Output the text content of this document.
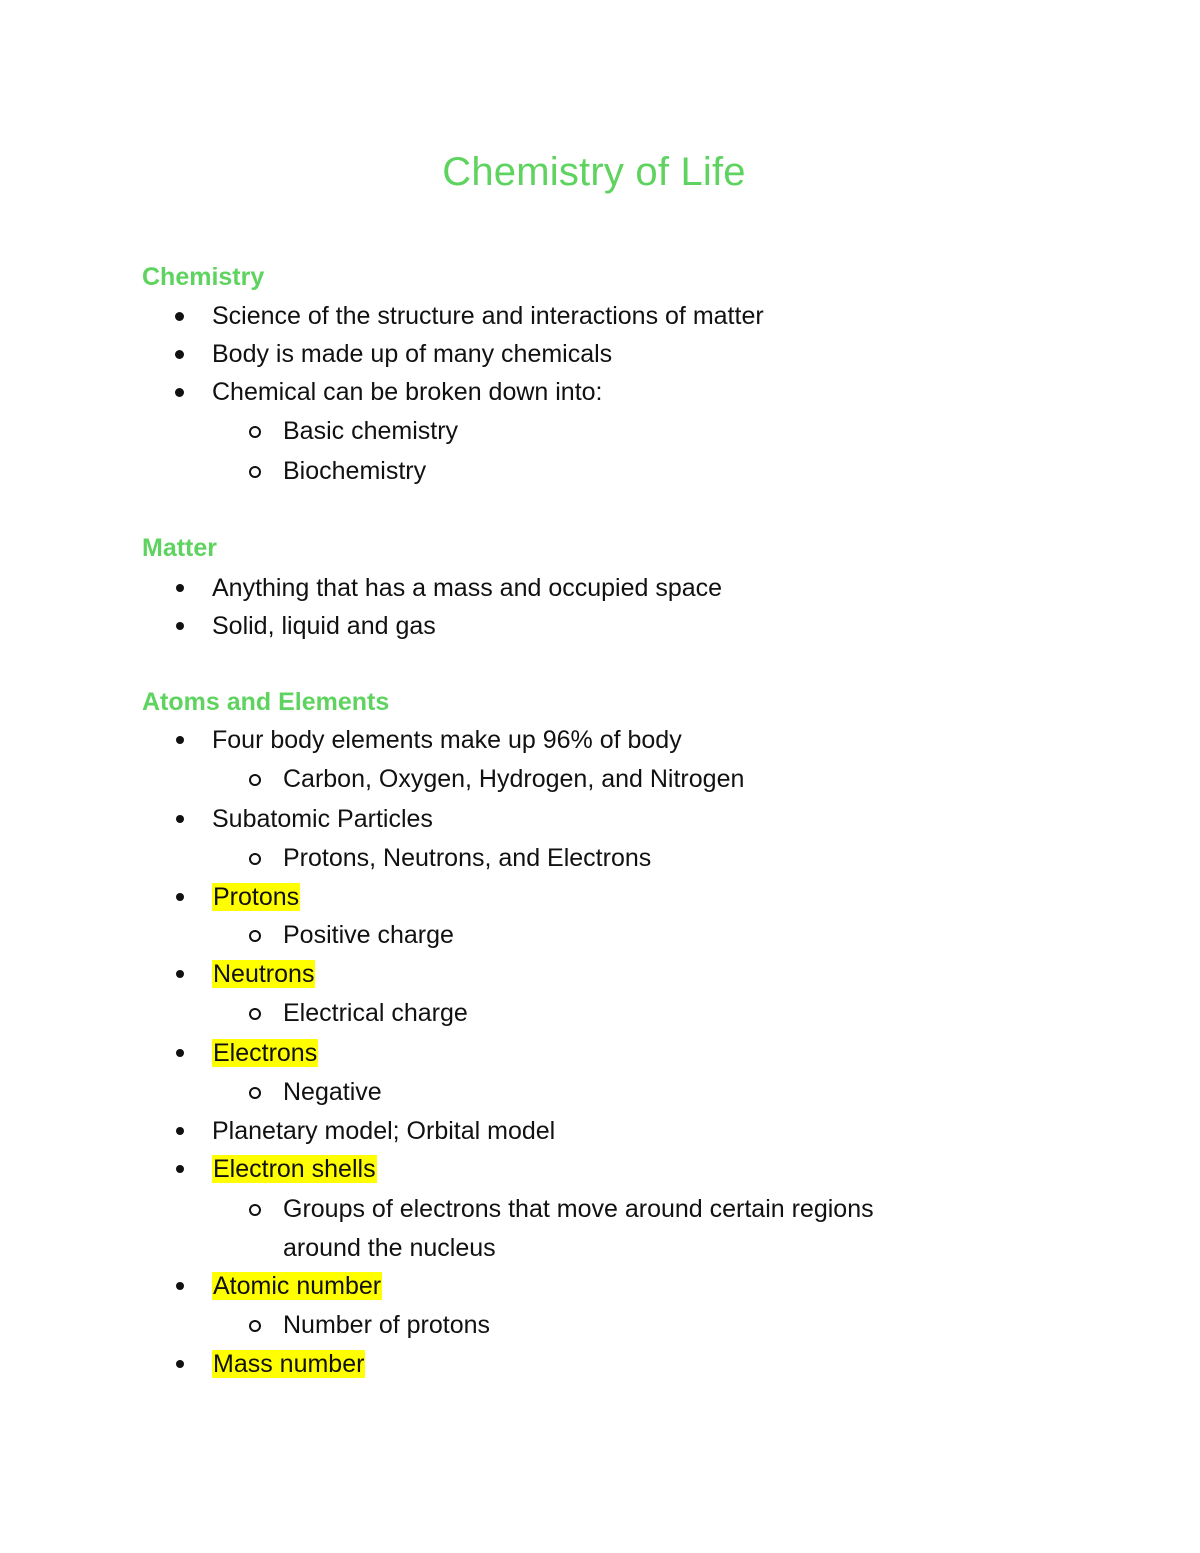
Chemistry of Life
Chemistry
Science of the structure and interactions of matter
Body is made up of many chemicals
Chemical can be broken down into:
Basic chemistry
Biochemistry
Matter
Anything that has a mass and occupied space
Solid, liquid and gas
Atoms and Elements
Four body elements make up 96% of body
Carbon, Oxygen, Hydrogen, and Nitrogen
Subatomic Particles
Protons, Neutrons, and Electrons
Protons
Positive charge
Neutrons
Electrical charge
Electrons
Negative
Planetary model; Orbital model
Electron shells
Groups of electrons that move around certain regions
around the nucleus
Atomic number
Number of protons
Mass number
